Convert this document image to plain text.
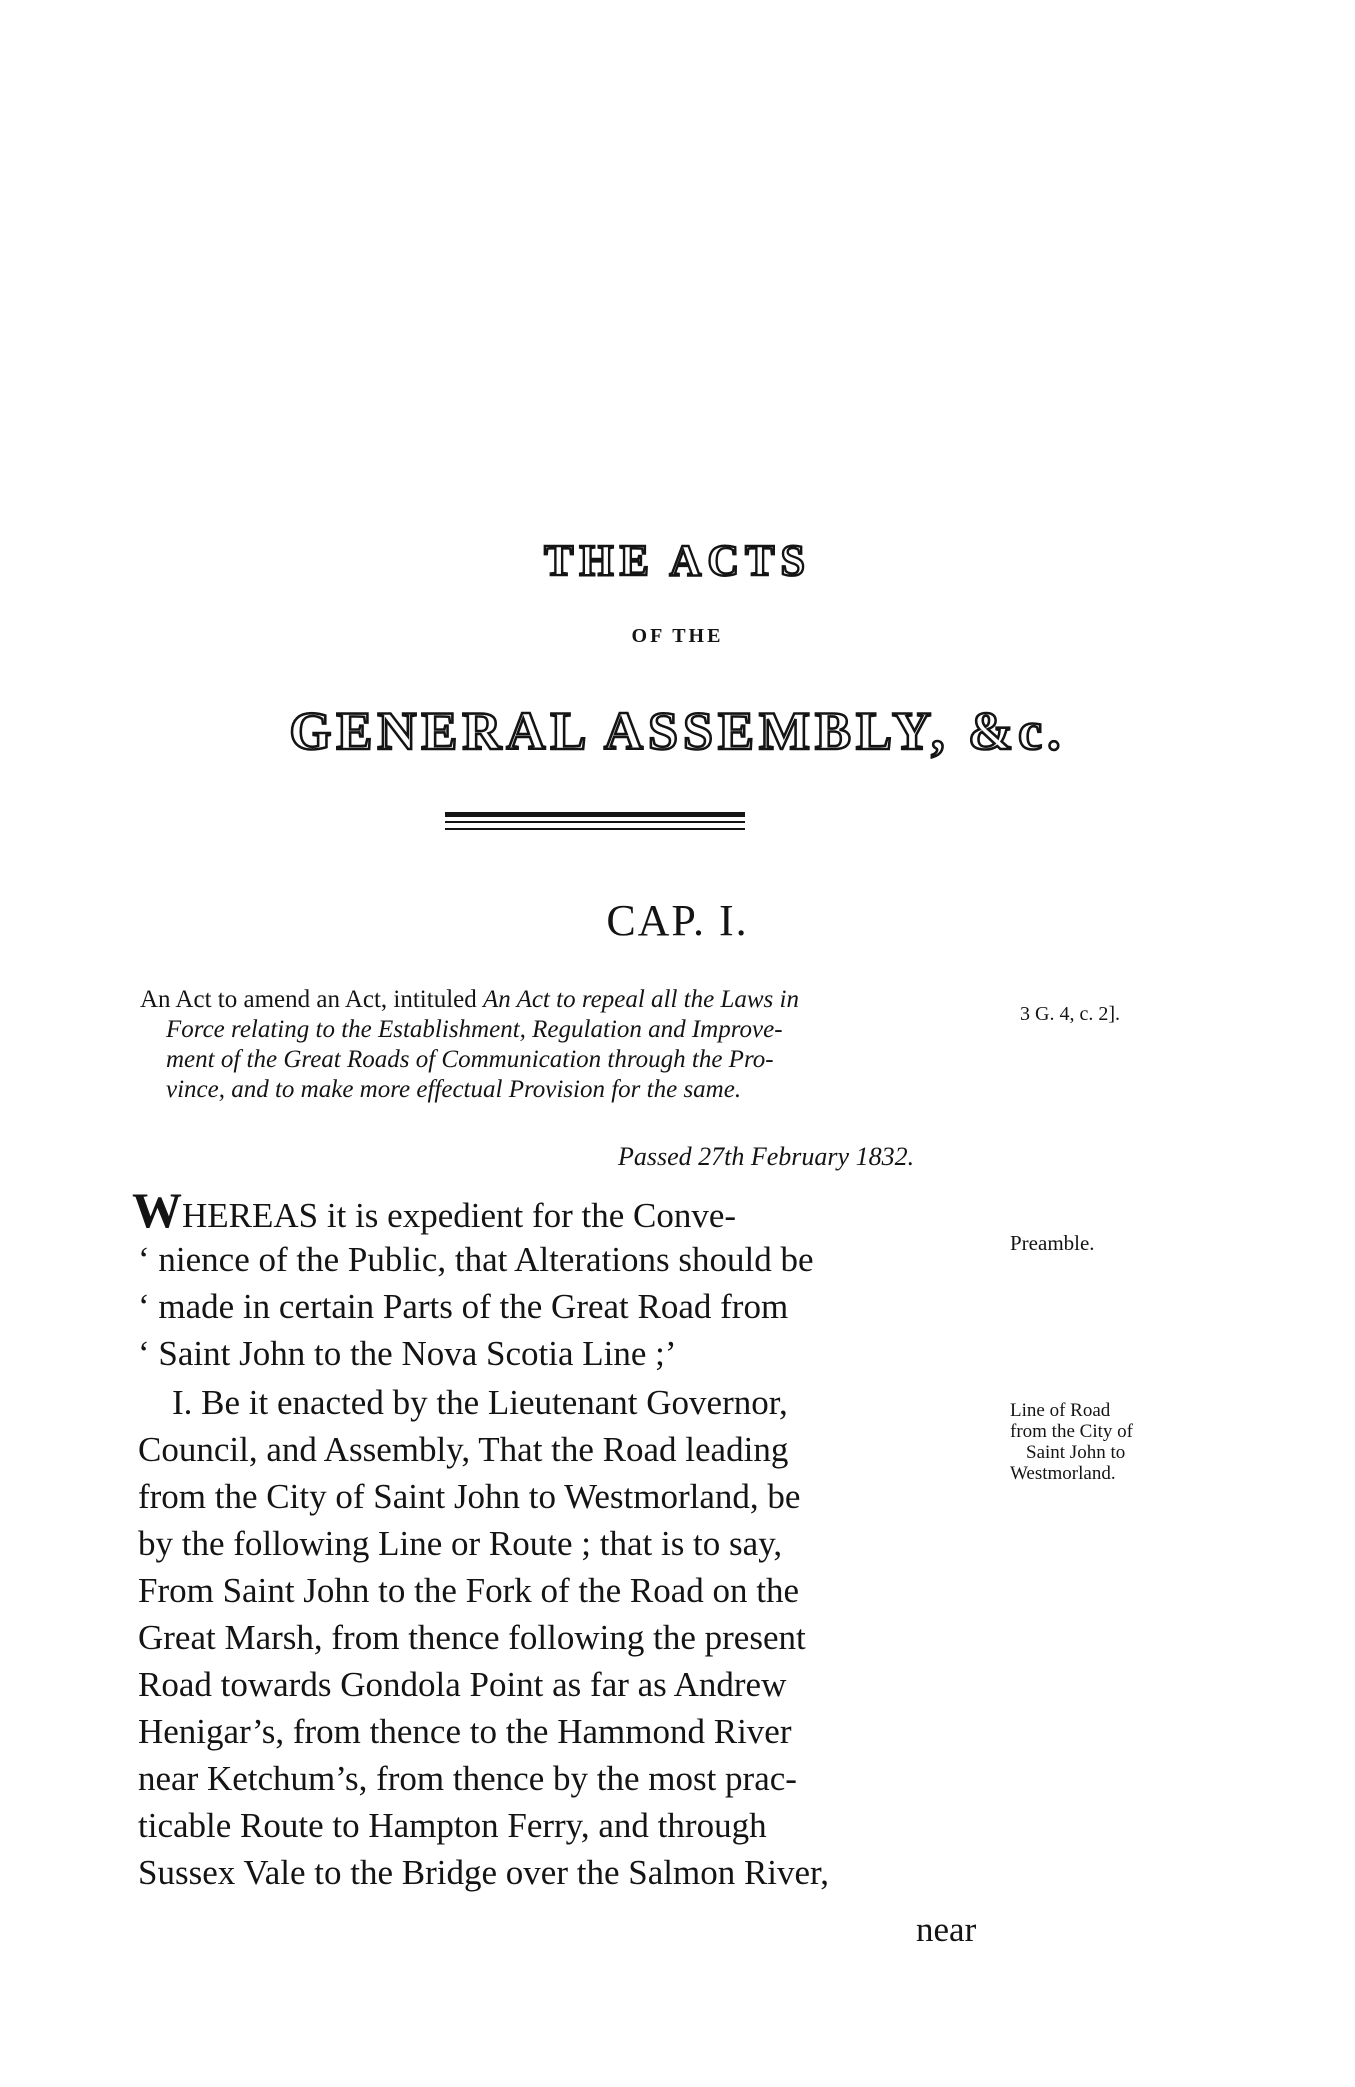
THE ACTS
OF THE
GENERAL ASSEMBLY, &c.
CAP. I.
An Act to amend an Act, intituled An Act to repeal all the Laws in
Force relating to the Establishment, Regulation and Improve-
ment of the Great Roads of Communication through the Pro-
vince, and to make more effectual Provision for the same.
3 G. 4, c. 2].
Passed 27th February 1832.
WHEREAS it is expedient for the Conve-
‘ nience of the Public, that Alterations should be
‘ made in certain Parts of the Great Road from
‘ Saint John to the Nova Scotia Line ;’
I. Be it enacted by the Lieutenant Governor,
Council, and Assembly, That the Road leading
from the City of Saint John to Westmorland, be
by the following Line or Route ; that is to say,
From Saint John to the Fork of the Road on the
Great Marsh, from thence following the present
Road towards Gondola Point as far as Andrew
Henigar’s, from thence to the Hammond River
near Ketchum’s, from thence by the most prac-
ticable Route to Hampton Ferry, and through
Sussex Vale to the Bridge over the Salmon River,
near
Preamble.
Line of Road
from the City of
Saint John to
Westmorland.
